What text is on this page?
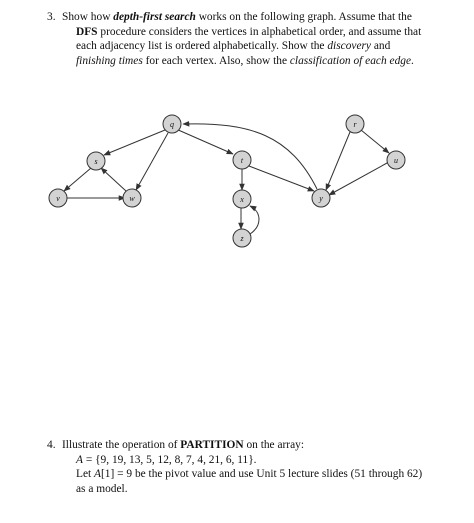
3. Show how depth-first search works on the following graph. Assume that the
DFS procedure considers the vertices in alphabetical order, and assume that
each adjacency list is ordered alphabetically. Show the discovery and
finishing times for each vertex. Also, show the classification of each edge.
q	r
s	t	u
v	w	x	y
z
4. Illustrate the operation of PARTITION on the array:
A = {9, 19, 13, 5, 12, 8, 7, 4, 21, 6, 11}.
Let A[1] = 9 be the pivot value and use Unit 5 lecture slides (51 through 62)
as a model.
